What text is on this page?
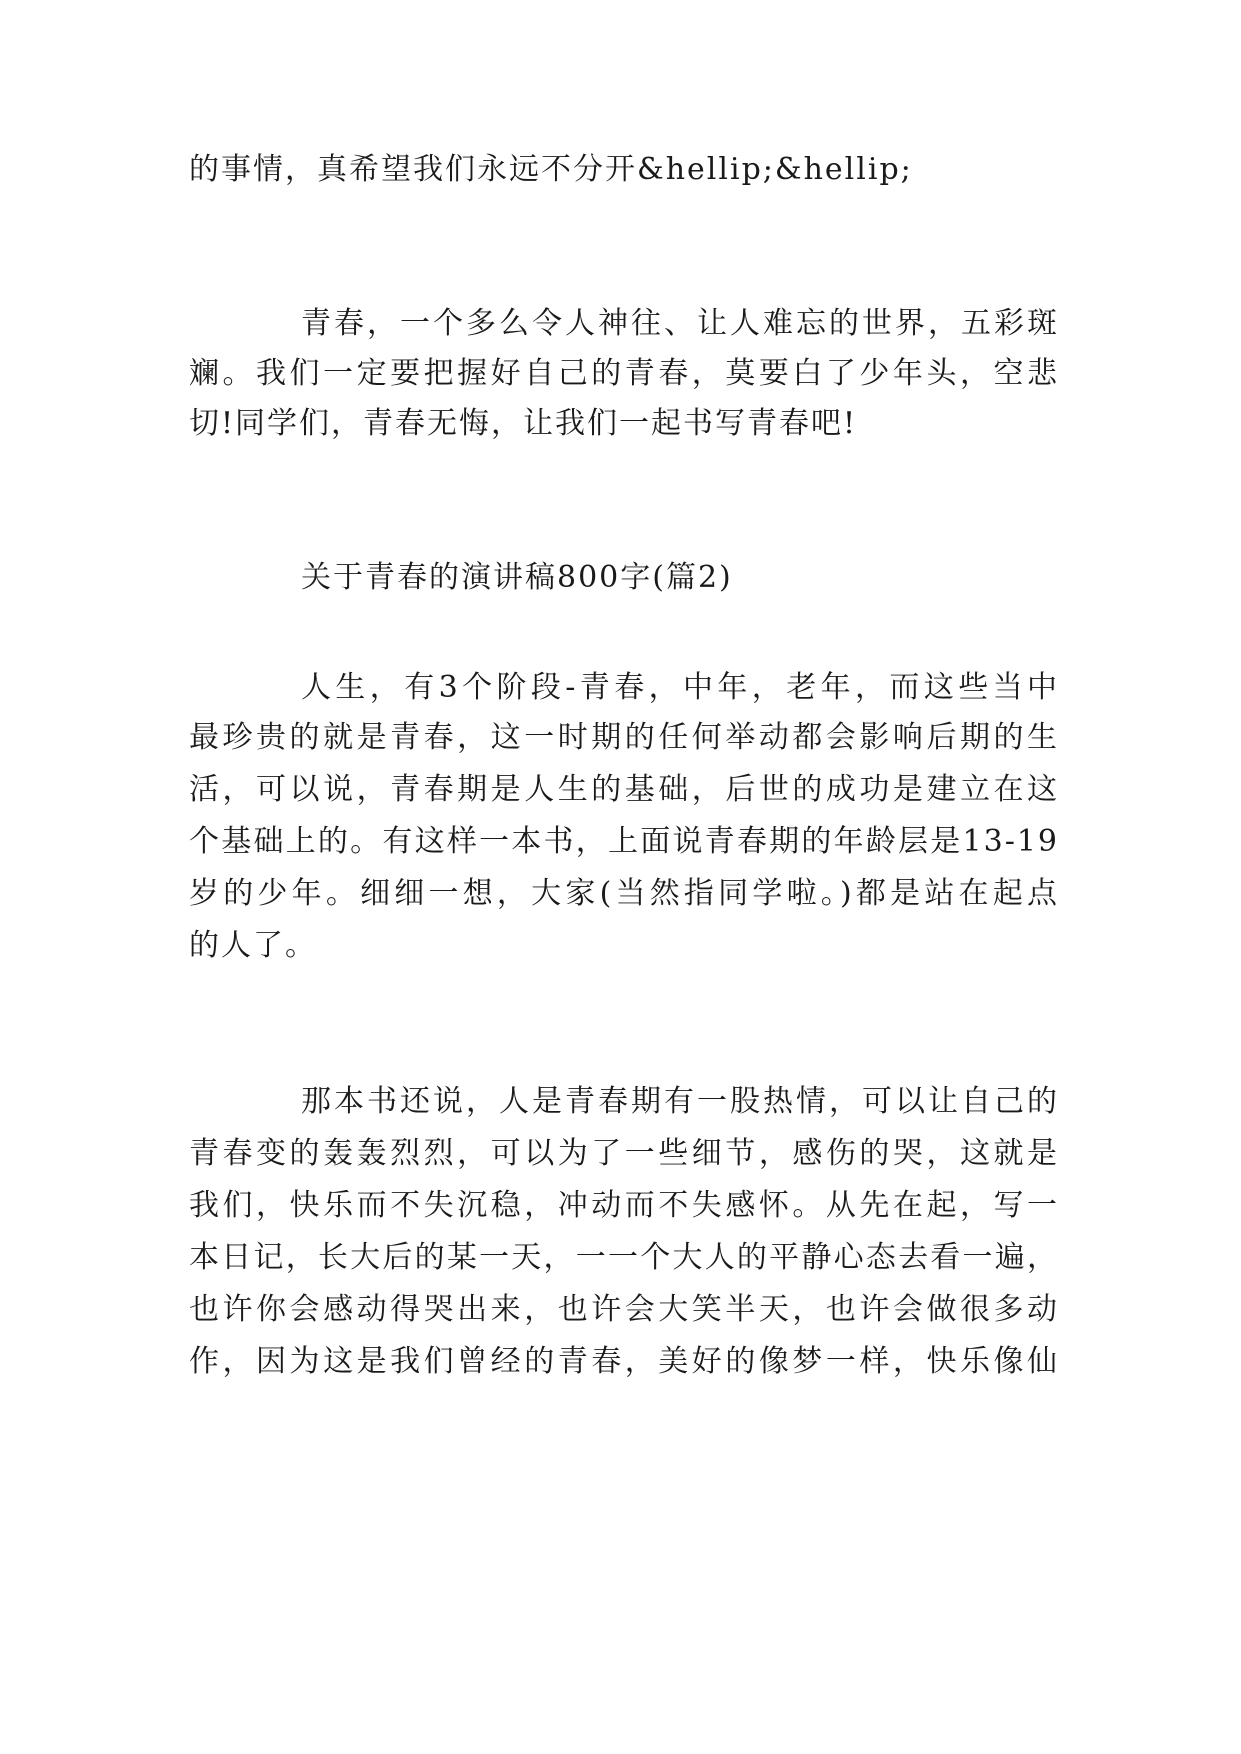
的事情，真希望我们永远不分开&hellip;&hellip;
青春，一个多么令人神往、让人难忘的世界，五彩斑
斓。我们一定要把握好自己的青春，莫要白了少年头，空悲
切!同学们，青春无悔，让我们一起书写青春吧!
关于青春的演讲稿800字(篇2)
人生，有3个阶段-青春，中年，老年，而这些当中
最珍贵的就是青春，这一时期的任何举动都会影响后期的生
活，可以说，青春期是人生的基础，后世的成功是建立在这
个基础上的。有这样一本书，上面说青春期的年龄层是13-19
岁的少年。细细一想，大家(当然指同学啦。)都是站在起点
的人了。
那本书还说，人是青春期有一股热情，可以让自己的
青春变的轰轰烈烈，可以为了一些细节，感伤的哭，这就是
我们，快乐而不失沉稳，冲动而不失感怀。从先在起，写一
本日记，长大后的某一天，一一个大人的平静心态去看一遍，
也许你会感动得哭出来，也许会大笑半天，也许会做很多动
作，因为这是我们曾经的青春，美好的像梦一样，快乐像仙
